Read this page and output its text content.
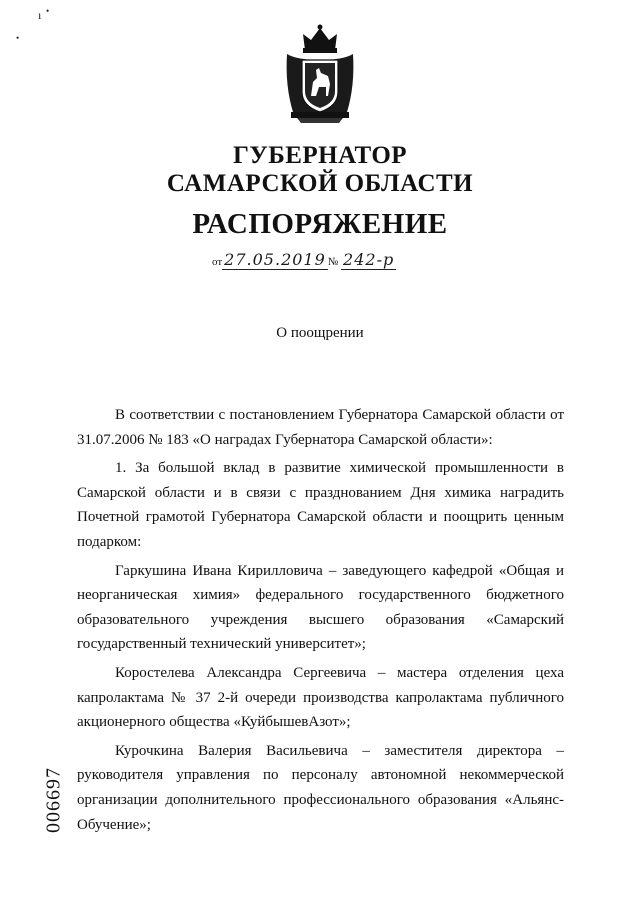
ı •
•
ГУБЕРНАТОР
САМАРСКОЙ ОБЛАСТИ
РАСПОРЯЖЕНИЕ
от 27.05.2019 № 242-р
О поощрении

В соответствии с постановлением Губернатора Самарской области от 31.07.2006 № 183 «О наградах Губернатора Самарской области»:

1. За большой вклад в развитие химической промышленности в Самарской области и в связи с празднованием Дня химика наградить Почетной грамотой Губернатора Самарской области и поощрить ценным подарком:

Гаркушина Ивана Кирилловича – заведующего кафедрой «Общая и неорганическая химия» федерального государственного бюджетного образовательного учреждения высшего образования «Самарский государственный технический университет»;

Коростелева Александра Сергеевича – мастера отделения цеха капролактама № 37 2-й очереди производства капролактама публичного акционерного общества «КуйбышевАзот»;

Курочкина Валерия Васильевича – заместителя директора – руководителя управления по персоналу автономной некоммерческой организации дополнительного профессионального образования «Альянс-Обучение»;

006697
